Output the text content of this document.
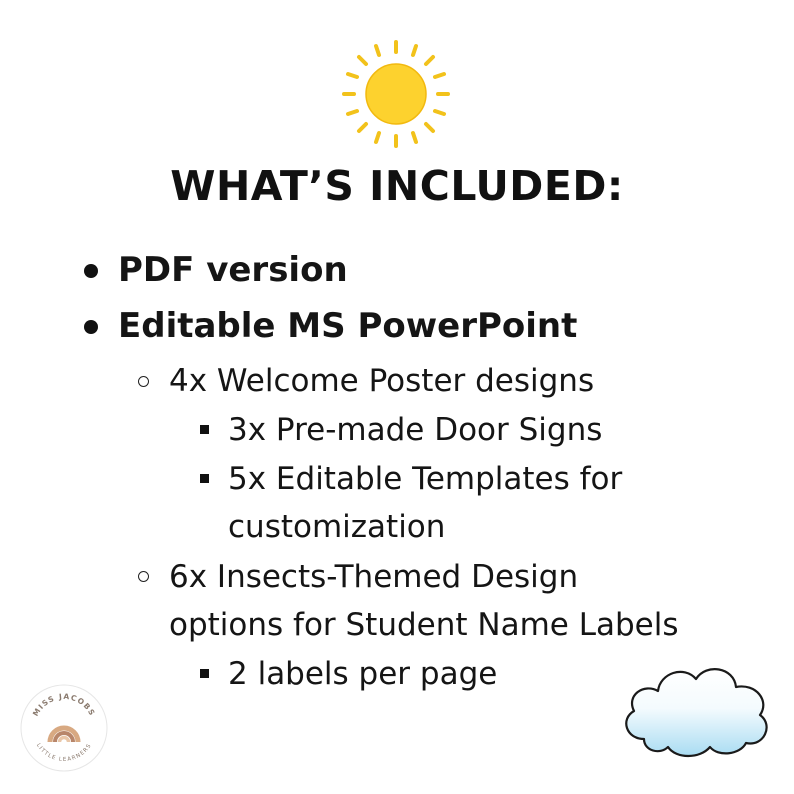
WHAT’S INCLUDED:
PDF version
Editable MS PowerPoint
4x Welcome Poster designs
3x Pre-made Door Signs
5x Editable Templates for
customization
6x Insects-Themed Design
options for Student Name Labels
2 labels per page
MISS JACOBS
LITTLE LEARNERS
